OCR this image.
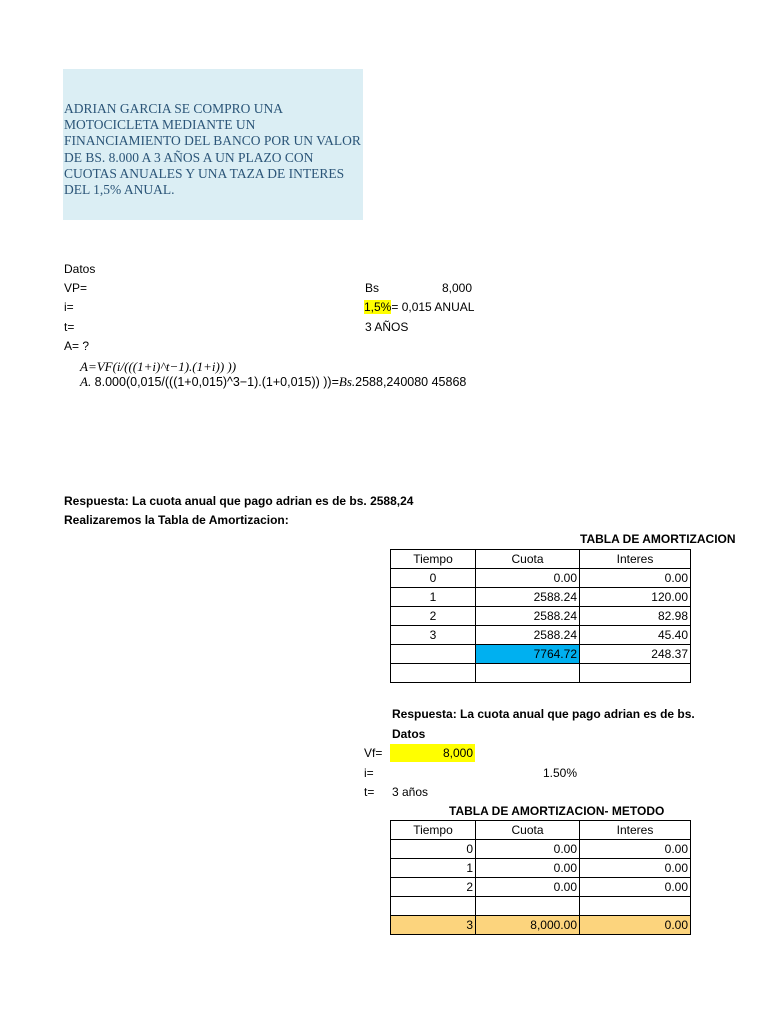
ADRIAN GARCIA SE COMPRO UNA MOTOCICLETA MEDIANTE UN FINANCIAMIENTO DEL BANCO POR UN VALOR DE BS. 8.000 A 3 AÑOS A UN PLAZO CON CUOTAS ANUALES Y UNA TAZA DE INTERES DEL 1,5% ANUAL.
Datos
VP=	Bs	8,000
i=	1,5%= 0,015 ANUAL
t=	3 AÑOS
A= ?
A=VF(i/(((1+i)^t−1).(1+i)) ))
A. 8.000(0,015/(((1+0,015)^3−1).(1+0,015)) ))=Bs.2588,240080 45868
Respuesta: La cuota anual que pago adrian es de bs. 2588,24
Realizaremos la Tabla de Amortizacion:
TABLA DE AMORTIZACION
Tiempo	Cuota	Interes
0	0.00	0.00
1	2588.24	120.00
2	2588.24	82.98
3	2588.24	45.40
	7764.72	248.37

Respuesta: La cuota anual que pago adrian es de bs.
Datos
Vf=	8,000
i=	1.50%
t= 3 años
TABLA DE AMORTIZACION- METODO
Tiempo	Cuota	Interes
0	0.00	0.00
1	0.00	0.00
2	0.00	0.00

3	8,000.00	0.00
